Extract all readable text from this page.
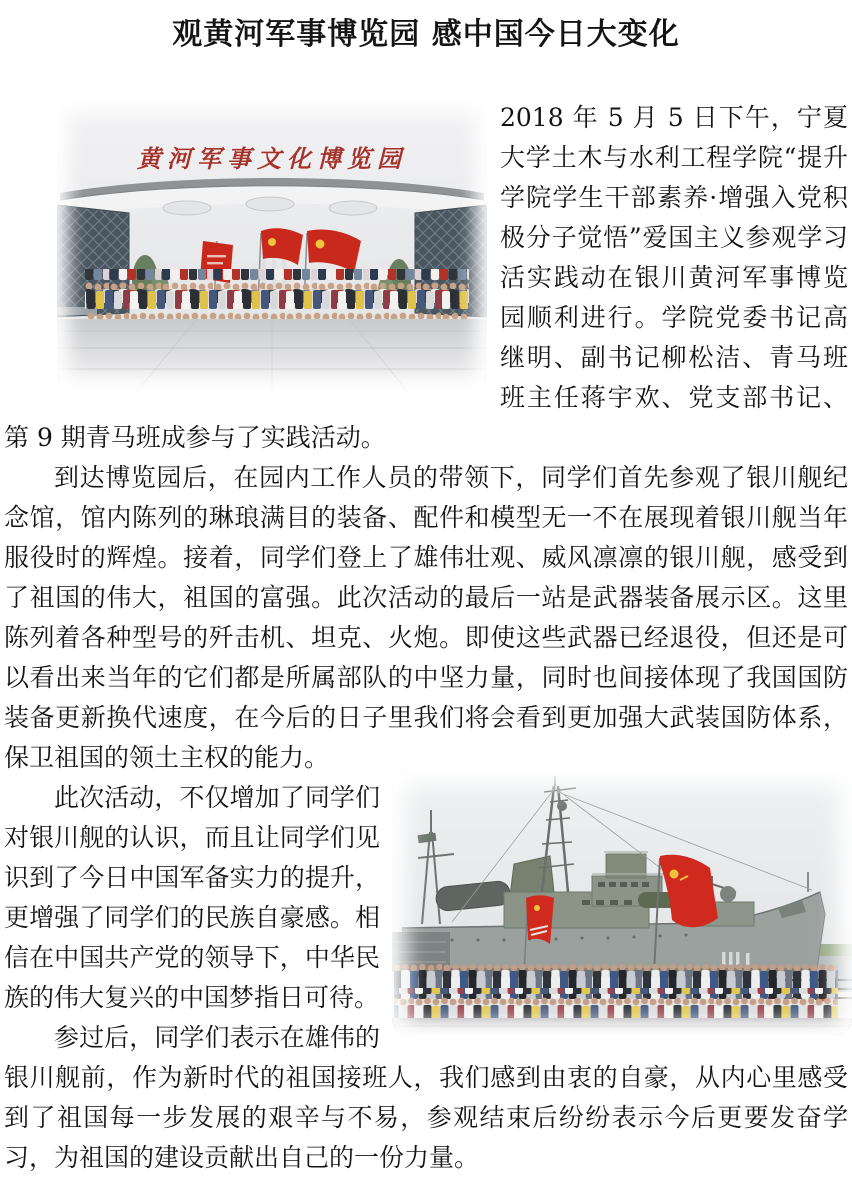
观黄河军事博览园 感中国今日大变化

黄河军事文化博览园
2018 年 5 月 5 日下午，宁夏大学土木与水利工程学院“提升学院学生干部素养·增强入党积极分子觉悟”爱国主义参观学习活实践动在银川黄河军事博览园顺利进行。学院党委书记高继明、副书记柳松洁、青马班班主任蒋宇欢、党支部书记、第 9 期青马班成参与了实践活动。

到达博览园后，在园内工作人员的带领下，同学们首先参观了银川舰纪念馆，馆内陈列的琳琅满目的装备、配件和模型无一不在展现着银川舰当年服役时的辉煌。接着，同学们登上了雄伟壮观、威风凛凛的银川舰，感受到了祖国的伟大，祖国的富强。此次活动的最后一站是武器装备展示区。这里陈列着各种型号的歼击机、坦克、火炮。即使这些武器已经退役，但还是可以看出来当年的它们都是所属部队的中坚力量，同时也间接体现了我国国防装备更新换代速度，在今后的日子里我们将会看到更加强大武装国防体系，保卫祖国的领土主权的能力。

此次活动，不仅增加了同学们对银川舰的认识，而且让同学们见识到了今日中国军备实力的提升，更增强了同学们的民族自豪感。相信在中国共产党的领导下，中华民族的伟大复兴的中国梦指日可待。

参过后，同学们表示在雄伟的银川舰前，作为新时代的祖国接班人，我们感到由衷的自豪，从内心里感受到了祖国每一步发展的艰辛与不易，参观结束后纷纷表示今后更要发奋学习，为祖国的建设贡献出自己的一份力量。
